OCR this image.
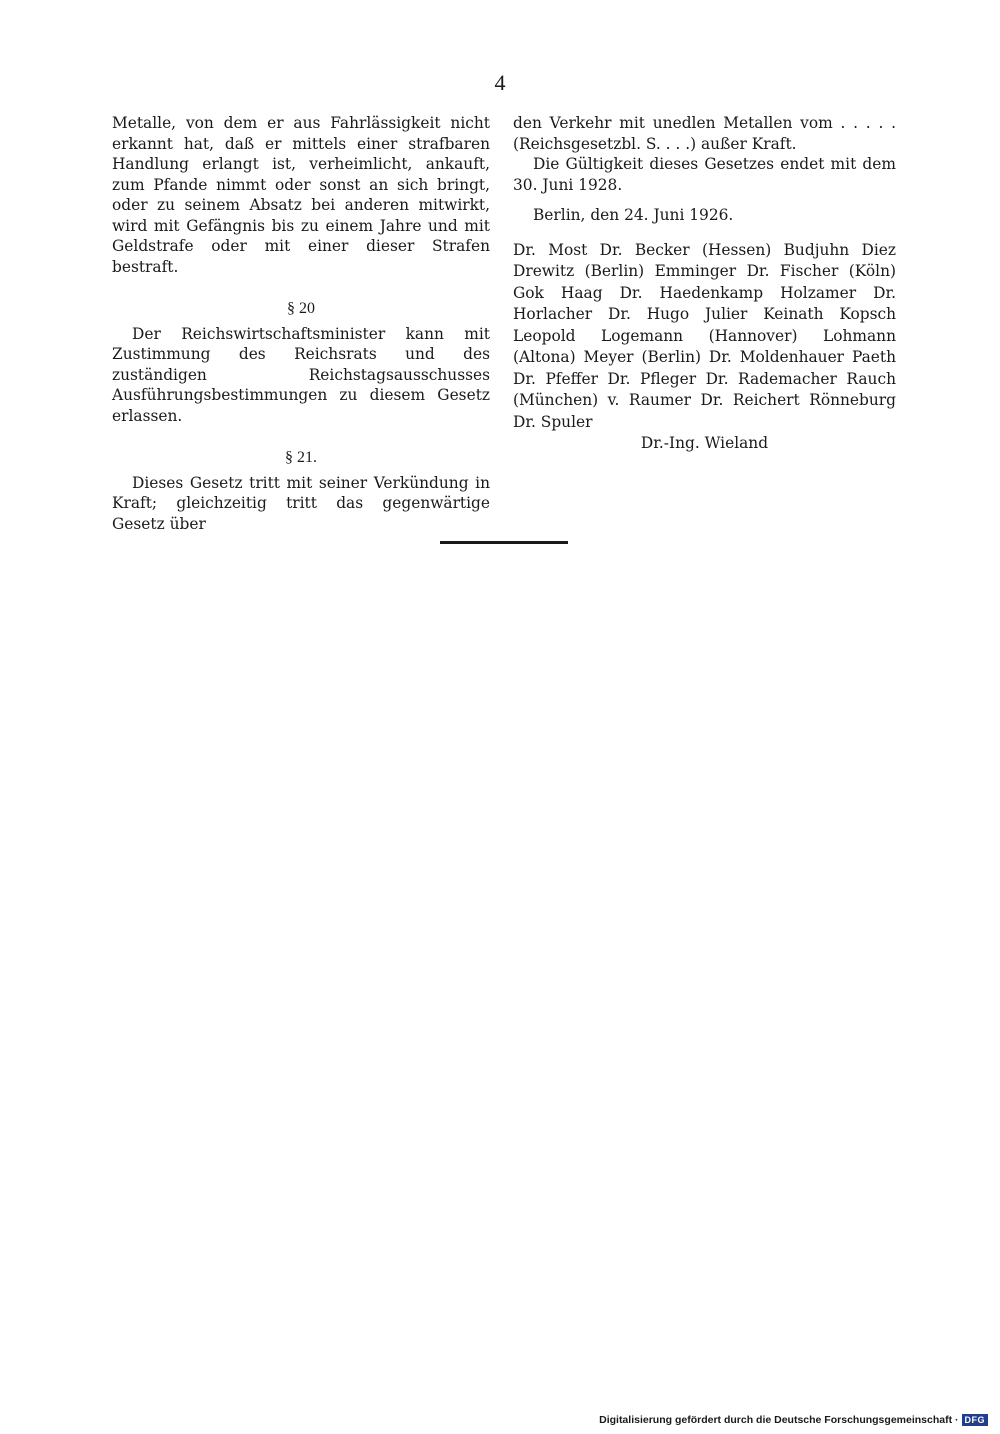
4

Metalle, von dem er aus Fahrlässigkeit nicht erkannt hat, daß er mittels einer strafbaren Handlung erlangt ist, verheimlicht, ankauft, zum Pfande nimmt oder sonst an sich bringt, oder zu seinem Absatz bei anderen mitwirkt, wird mit Gefängnis bis zu einem Jahre und mit Geldstrafe oder mit einer dieser Strafen bestraft.

§ 20

Der Reichswirtschaftsminister kann mit Zustimmung des Reichsrats und des zuständigen Reichstagsausschusses Ausführungsbestimmungen zu diesem Gesetz erlassen.

§ 21.

Dieses Gesetz tritt mit seiner Verkündung in Kraft; gleichzeitig tritt das gegenwärtige Gesetz über

den Verkehr mit unedlen Metallen vom . . . . . (Reichsgesetzbl. S. . . .) außer Kraft.

Die Gültigkeit dieses Gesetzes endet mit dem 30. Juni 1928.

Berlin, den 24. Juni 1926.

Dr. Most Dr. Becker (Hessen) Budjuhn Diez Drewitz (Berlin) Emminger Dr. Fischer (Köln) Gok Haag Dr. Haedenkamp Holzamer Dr. Horlacher Dr. Hugo Julier Keinath Kopsch Leopold Logemann (Hannover) Lohmann (Altona) Meyer (Berlin) Dr. Moldenhauer Paeth Dr. Pfeffer Dr. Pfleger Dr. Rademacher Rauch (München) v. Raumer Dr. Reichert Rönneburg Dr. Spuler

Dr.-Ing. Wieland

Digitalisierung gefördert durch die Deutsche Forschungsgemeinschaft · DFG
